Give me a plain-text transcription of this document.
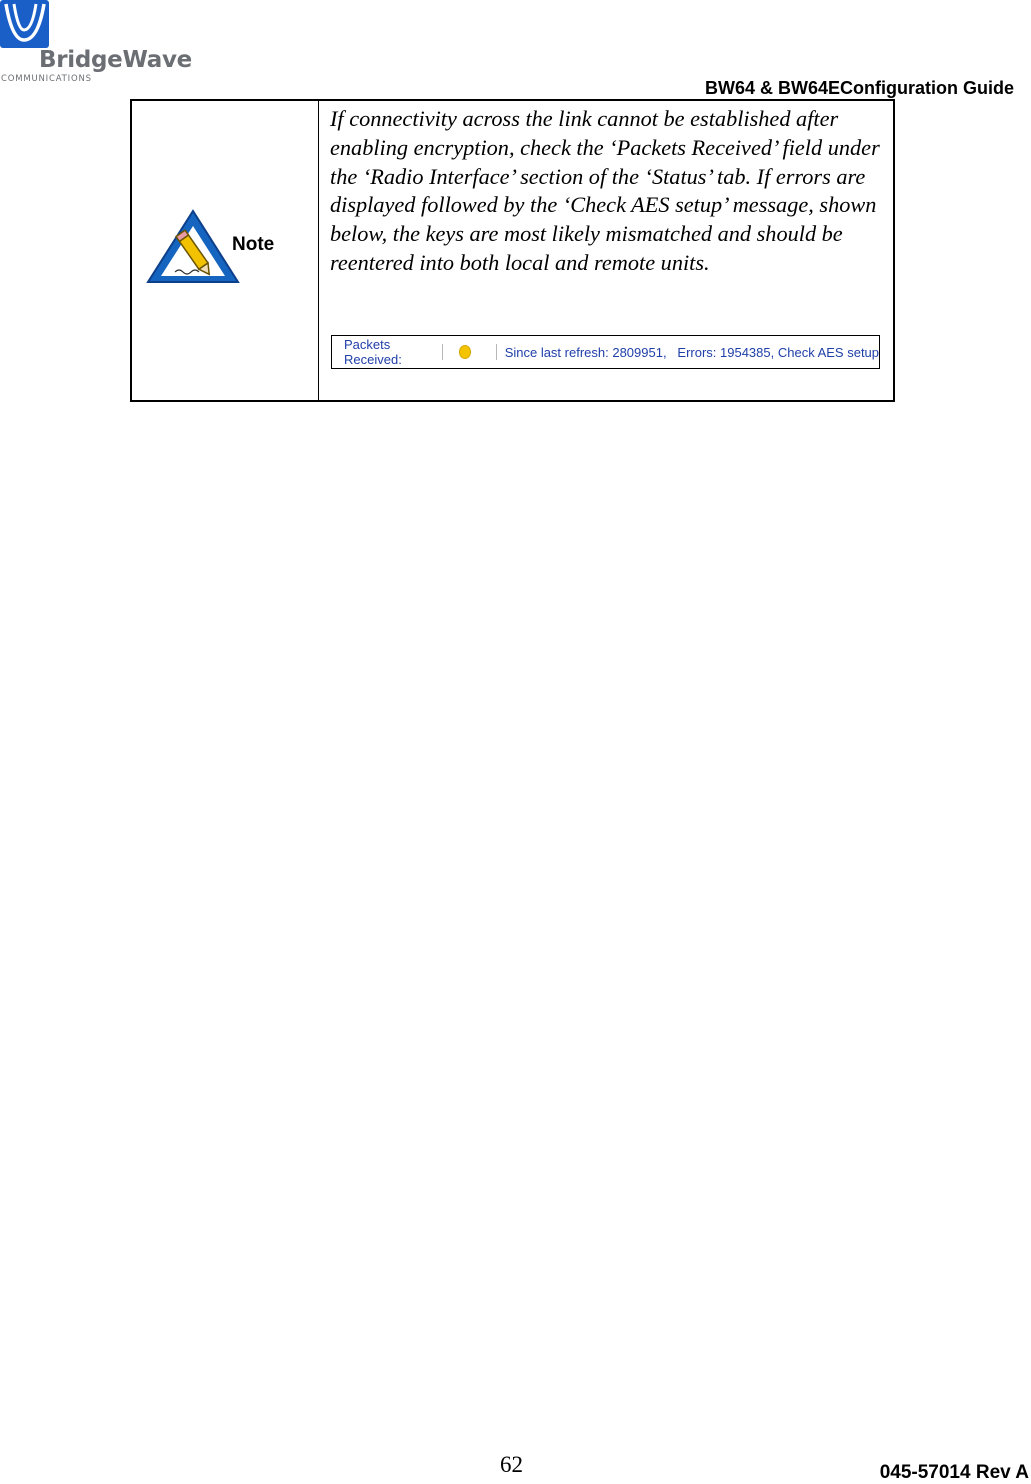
BridgeWave
COMMUNICATIONS	BW64 & BW64EConfiguration Guide
Note

If connectivity across the link cannot be established after enabling encryption, check the ‘Packets Received’ field under the ‘Radio Interface’ section of the ‘Status’ tab. If errors are displayed followed by the ‘Check AES setup’ message, shown below, the keys are most likely mismatched and should be reentered into both local and remote units.

Packets Received:	Since last refresh: 2809951,   Errors: 1954385, Check AES setup
62	045-57014 Rev A
